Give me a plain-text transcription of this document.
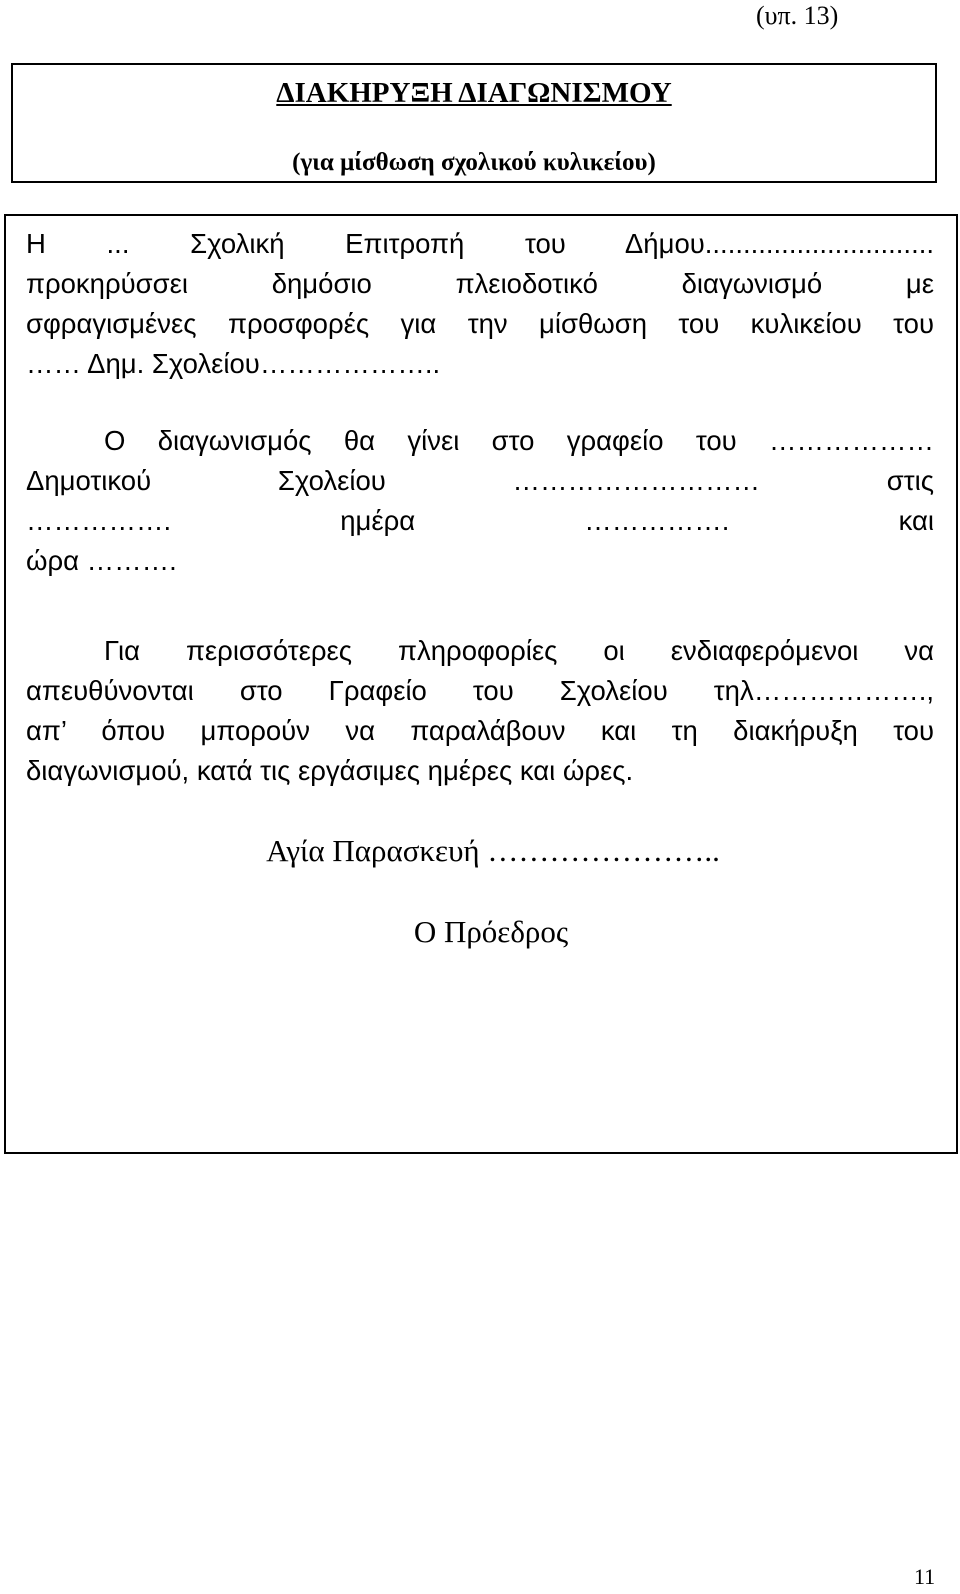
(υπ. 13)
ΔΙΑΚΗΡΥΞΗ ΔΙΑΓΩΝΙΣΜΟΥ
(για μίσθωση σχολικού κυλικείου)
Η ... Σχολική Επιτροπή του Δήμου..............................
προκηρύσσει δημόσιο πλειοδοτικό διαγωνισμό με
σφραγισμένες προσφορές για την μίσθωση του κυλικείου του
…… Δημ. Σχολείου………………..
Ο διαγωνισμός θα γίνει στο γραφείο του ………………
Δημοτικού Σχολείου ……………………… στις
……………. ημέρα ……………. και
ώρα ……….
Για περισσότερες πληροφορίες οι ενδιαφερόμενοι να
απευθύνονται στο Γραφείο του Σχολείου τηλ……………….,
απ’ όπου μπορούν να παραλάβουν και τη διακήρυξη του
διαγωνισμού, κατά τις εργάσιμες ημέρες και ώρες.
Αγία Παρασκευή …………………..
Ο Πρόεδρος
11
